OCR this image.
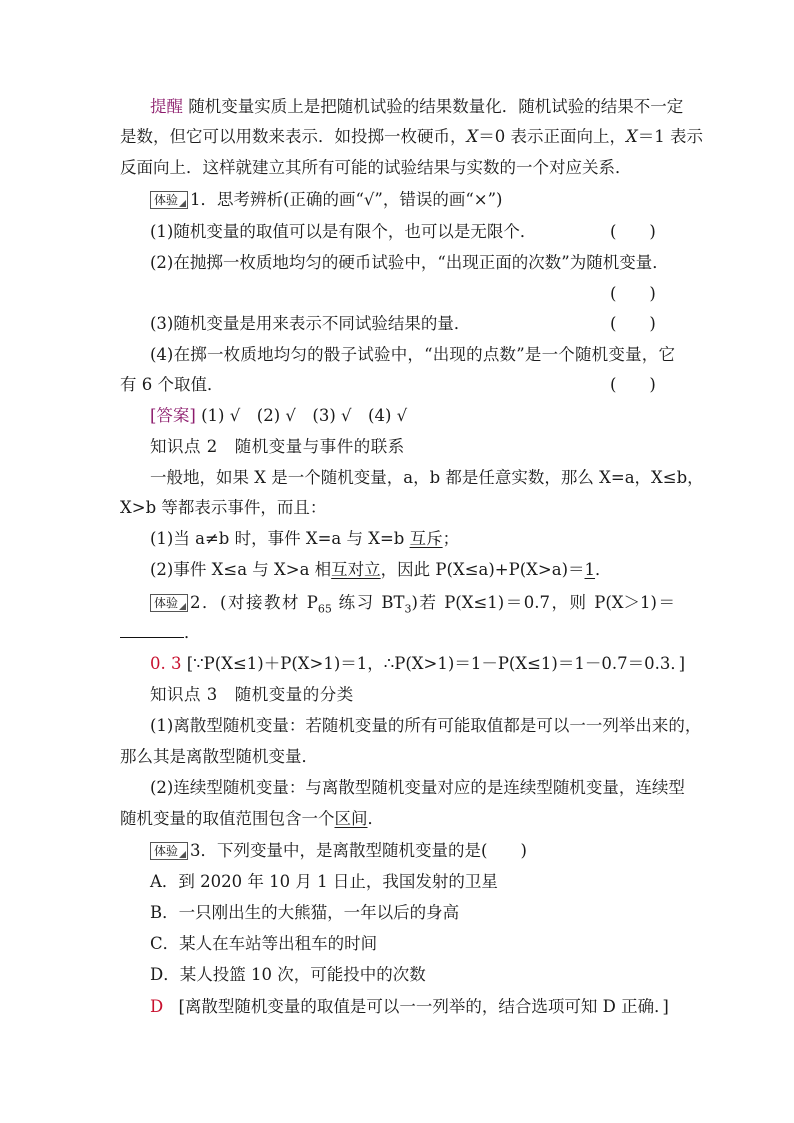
提醒 随机变量实质上是把随机试验的结果数量化．随机试验的结果不一定
是数，但它可以用数来表示．如投掷一枚硬币，X＝0 表示正面向上，X＝1 表示
反面向上．这样就建立其所有可能的试验结果与实数的一个对应关系．
体验 1．思考辨析(正确的画“√”，错误的画“×”)
(1)随机变量的取值可以是有限个，也可以是无限个．	(　　)
(2)在抛掷一枚质地均匀的硬币试验中，“出现正面的次数”为随机变量．
(　　)
(3)随机变量是用来表示不同试验结果的量．	(　　)
(4)在掷一枚质地均匀的骰子试验中，“出现的点数”是一个随机变量，它
有 6 个取值．	(　　)
[答案] (1) √　(2) √　(3) √　(4) √
知识点 2　随机变量与事件的联系
一般地，如果 X 是一个随机变量，a，b 都是任意实数，那么 X=a，X≤b，
X>b 等都表示事件，而且：
(1)当 a≠b 时，事件 X=a 与 X=b 互斥；
(2)事件 X≤a 与 X>a 相互对立，因此 P(X≤a)+P(X>a)＝1．
体验 2．(对接教材 $P_{65}$ 练习 $BT_3$)若 P(X≤1)＝0.7，则 P(X＞1)＝
．
0. 3 [∵P(X≤1)＋P(X>1)＝1，∴P(X>1)＝1－P(X≤1)＝1－0.7＝0.3．]
知识点 3　随机变量的分类
(1)离散型随机变量：若随机变量的所有可能取值都是可以一一列举出来的，
那么其是离散型随机变量．
(2)连续型随机变量：与离散型随机变量对应的是连续型随机变量，连续型
随机变量的取值范围包含一个区间．
体验 3．下列变量中，是离散型随机变量的是(　　)
A．到 2020 年 10 月 1 日止，我国发射的卫星
B．一只刚出生的大熊猫，一年以后的身高
C．某人在车站等出租车的时间
D．某人投篮 10 次，可能投中的次数
D [离散型随机变量的取值是可以一一列举的，结合选项可知 D 正确．]
